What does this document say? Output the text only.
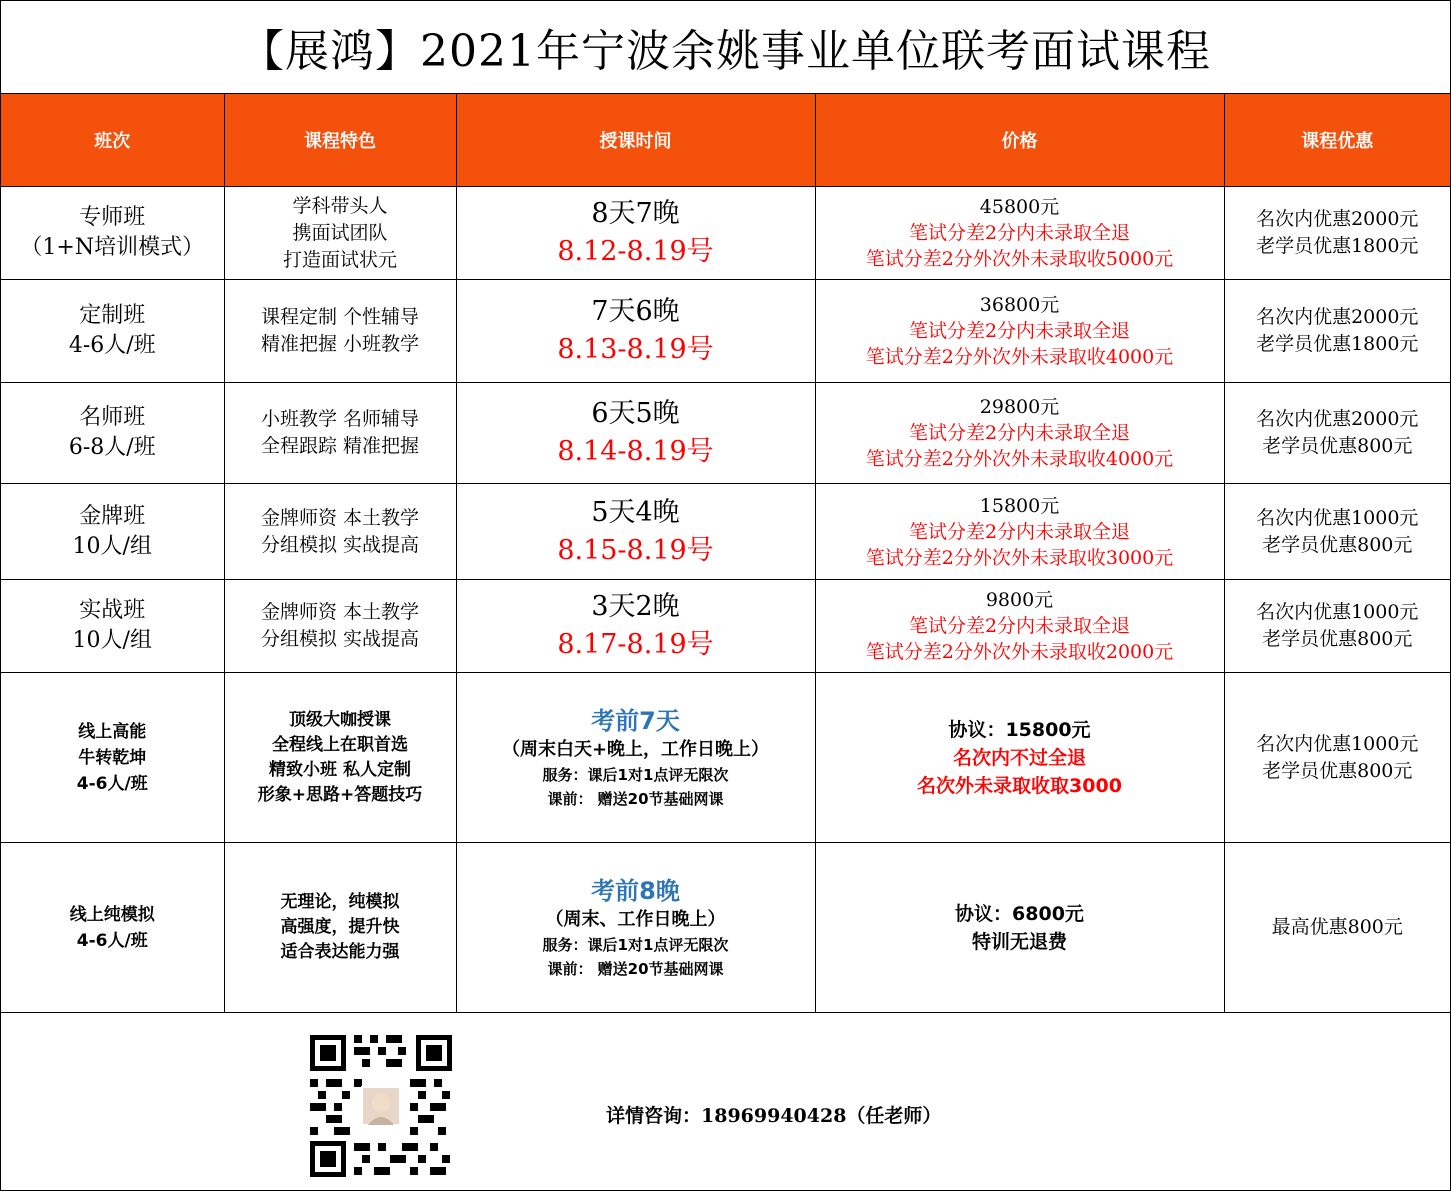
【展鸿】2021年宁波余姚事业单位联考面试课程
班次	课程特色	授课时间	价格	课程优惠

专师班
（1+N培训模式）	学科带头人
携面试团队
打造面试状元	8天7晚
8.12-8.19号	45800元
笔试分差2分内未录取全退
笔试分差2分外次外未录取收5000元	名次内优惠2000元
老学员优惠1800元

定制班
4-6人/班	课程定制 个性辅导
精准把握 小班教学	7天6晚
8.13-8.19号	36800元
笔试分差2分内未录取全退
笔试分差2分外次外未录取收4000元	名次内优惠2000元
老学员优惠1800元

名师班
6-8人/班	小班教学 名师辅导
全程跟踪 精准把握	6天5晚
8.14-8.19号	29800元
笔试分差2分内未录取全退
笔试分差2分外次外未录取收4000元	名次内优惠2000元
老学员优惠800元

金牌班
10人/组	金牌师资 本土教学
分组模拟 实战提高	5天4晚
8.15-8.19号	15800元
笔试分差2分内未录取全退
笔试分差2分外次外未录取收3000元	名次内优惠1000元
老学员优惠800元

实战班
10人/组	金牌师资 本土教学
分组模拟 实战提高	3天2晚
8.17-8.19号	9800元
笔试分差2分内未录取全退
笔试分差2分外次外未录取收2000元	名次内优惠1000元
老学员优惠800元

线上高能
牛转乾坤
4-6人/班	顶级大咖授课
全程线上在职首选
精致小班 私人定制
形象+思路+答题技巧	考前7天
（周末白天+晚上，工作日晚上）
服务：课后1对1点评无限次
课前： 赠送20节基础网课	协议：15800元
名次内不过全退
名次外未录取收取3000	名次内优惠1000元
老学员优惠800元

线上纯模拟
4-6人/班	无理论，纯模拟
高强度，提升快
适合表达能力强	考前8晚
（周末、工作日晚上）
服务：课后1对1点评无限次
课前： 赠送20节基础网课	协议：6800元
特训无退费	最高优惠800元
详情咨询：18969940428（任老师）
